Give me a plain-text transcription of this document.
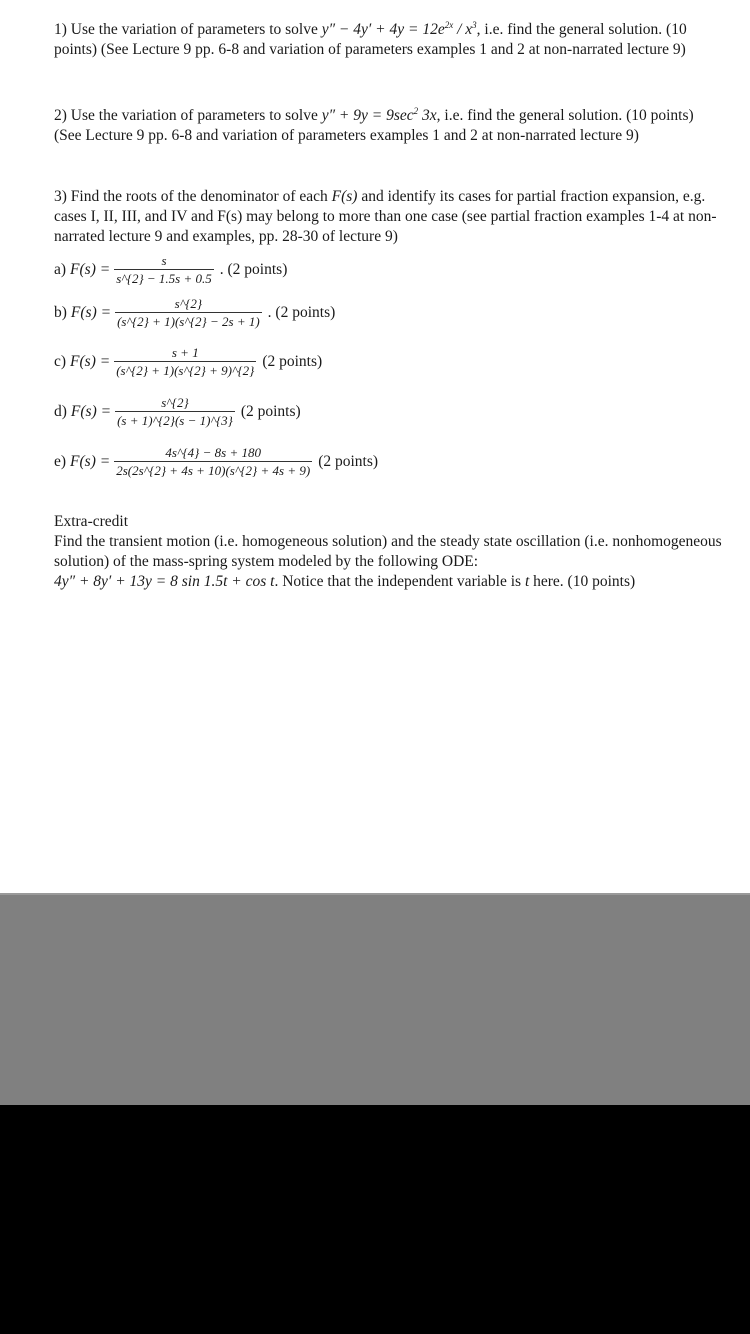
1) Use the variation of parameters to solve $y'' - 4y' + 4y = 12e^{2x} / x^3$, i.e. find the general solution. (10 points) (See Lecture 9 pp. 6-8 and variation of parameters examples 1 and 2 at non-narrated lecture 9)
2) Use the variation of parameters to solve $y'' + 9y = 9\sec^2$ 3x, i.e. find the general solution. (10 points) (See Lecture 9 pp. 6-8 and variation of parameters examples 1 and 2 at non-narrated lecture 9)
3) Find the roots of the denominator of each F(s) and identify its cases for partial fraction expansion, e.g. cases I, II, III, and IV and F(s) may belong to more than one case (see partial fraction examples 1-4 at non-narrated lecture 9 and examples, pp. 28-30 of lecture 9)
a) $F(s) = \frac{s}{s\^{}\{2\} - 1.5s + 0.5}$ . (2 points)
b) $F(s) = \frac{s\^{}\{2\}}{(s\^{}\{2\} + 1)(s\^{}\{2\} - 2s + 1)}$ . (2 points)
c) $F(s) = \frac{s + 1}{(s\^{}\{2\} + 1)(s\^{}\{2\} + 9)\^{}\{2\}} (2$ points)
d) $F(s) = \frac{s\^{}\{2\}}{(s + 1)\^{}\{2\}(s - 1)\^{}\{3\}} (2$ points)
e) $F(s) = \frac{4s\^{}\{4\} - 8s + 180}{2s(2s\^{}\{2\} + 4s + 10)(s\^{}\{2\} + 4s + 9)} (2$ points)
Extra-credit
Find the transient motion (i.e. homogeneous solution) and the steady state oscillation (i.e. nonhomogeneous solution) of the mass-spring system modeled by the following ODE:
4y″ + 8y′ + 13y = 8 sin 1.5t + cos t. Notice that the independent variable is t here. (10 points)
